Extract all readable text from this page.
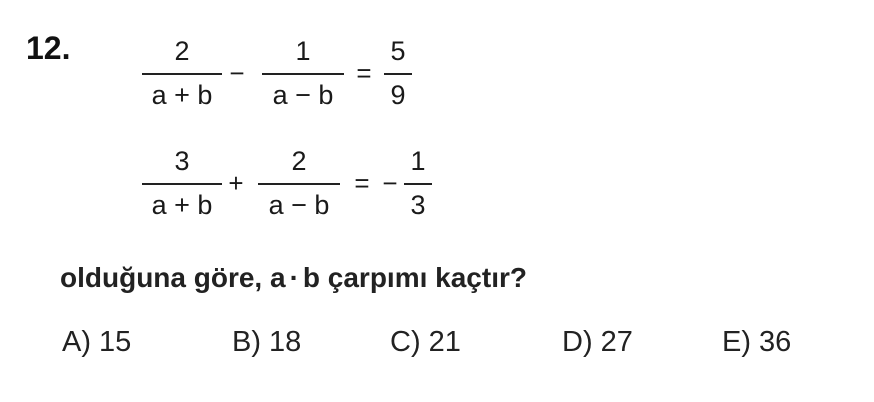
12.	2
a + b
−
1
a − b
=
5
9
3
a + b
+
2
a − b
= −
1
3
olduğuna göre, a · b çarpımı kaçtır?
A) 15	B) 18	C) 21	D) 27	E) 36
